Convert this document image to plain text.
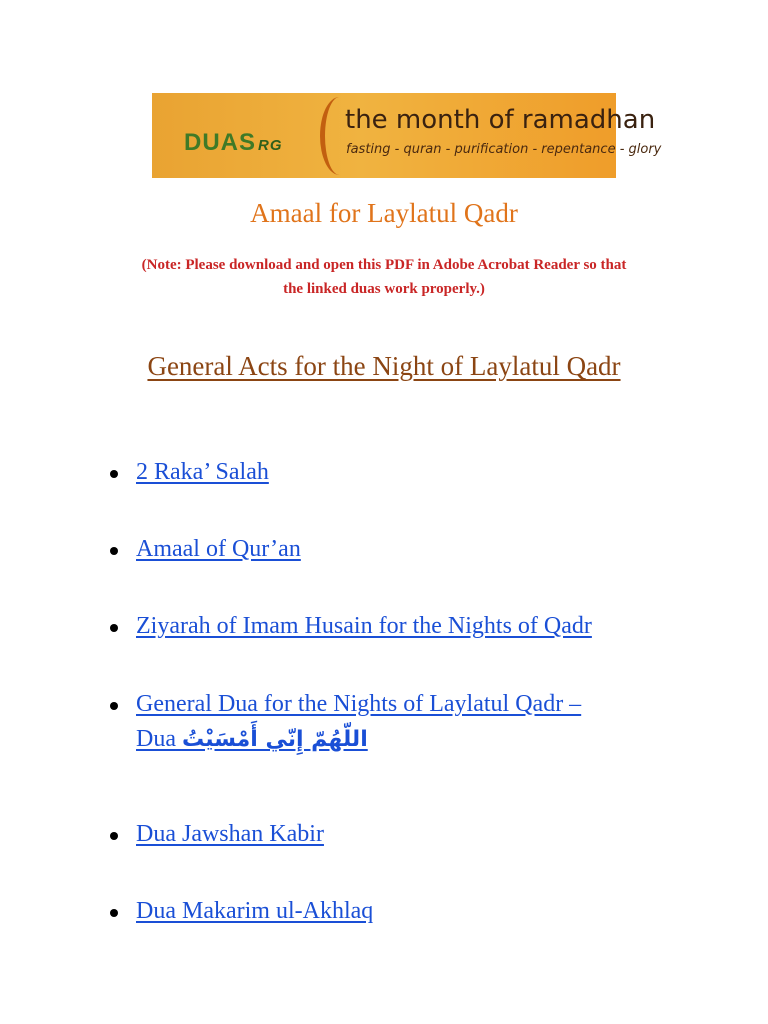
DUAS RG
the month of ramadhan
fasting - quran - purification - repentance - glory
Amaal for Laylatul Qadr
(Note: Please download and open this PDF in Adobe Acrobat Reader so that
the linked duas work properly.)
General Acts for the Night of Laylatul Qadr
2 Raka’ Salah
Amaal of Qur’an
Ziyarah of Imam Husain for the Nights of Qadr
General Dua for the Nights of Laylatul Qadr –
Dua اللّهُمّ إِنّي أَمْسَيْتُ
Dua Jawshan Kabir
Dua Makarim ul-Akhlaq
